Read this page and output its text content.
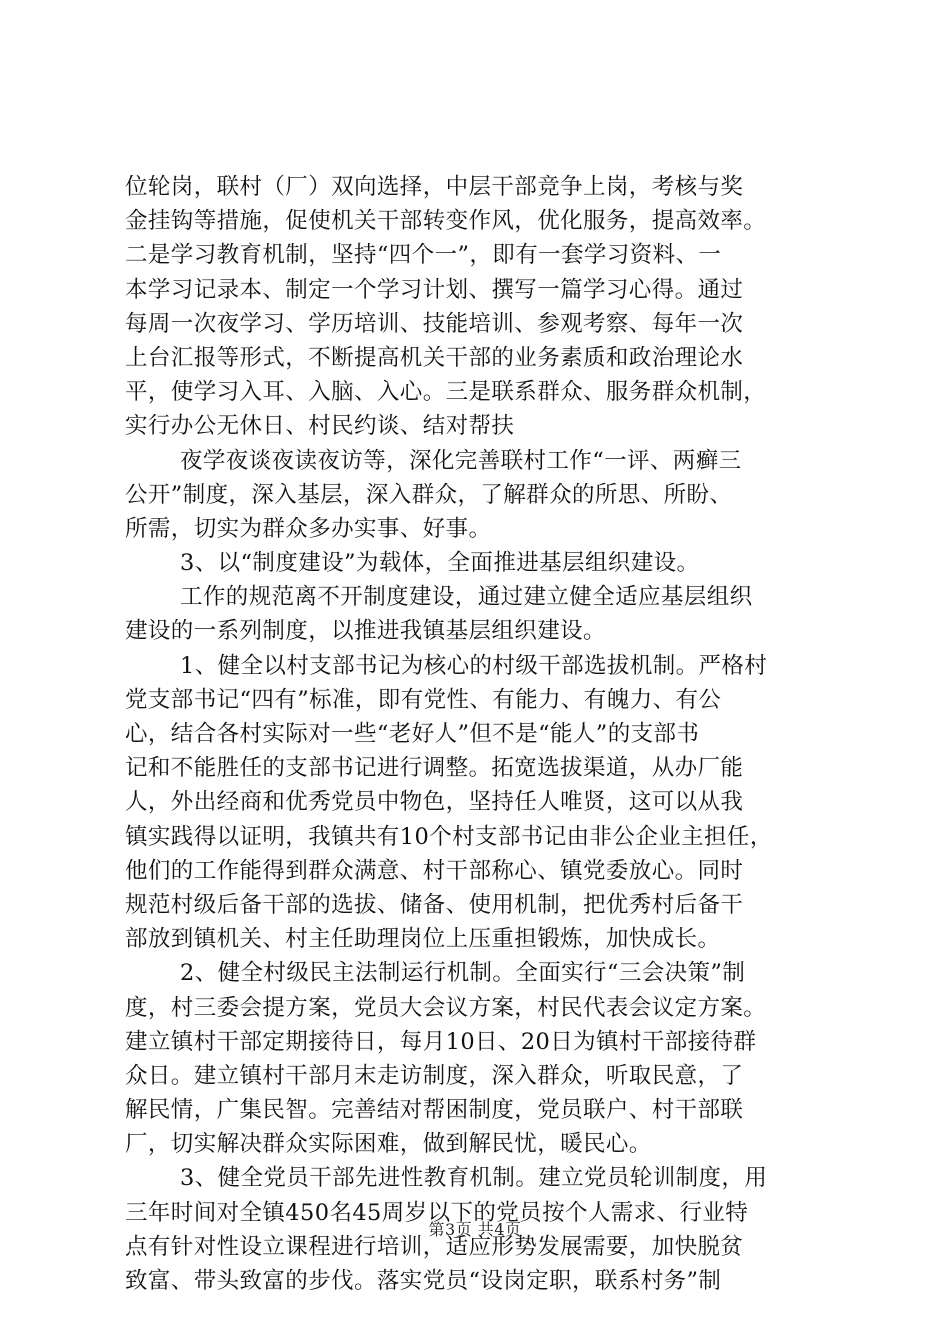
位轮岗，联村（厂）双向选择，中层干部竞争上岗，考核与奖
金挂钩等措施，促使机关干部转变作风，优化服务，提高效率。
二是学习教育机制，坚持“四个一”，即有一套学习资料、一
本学习记录本、制定一个学习计划、撰写一篇学习心得。通过
每周一次夜学习、学历培训、技能培训、参观考察、每年一次
上台汇报等形式，不断提高机关干部的业务素质和政治理论水
平，使学习入耳、入脑、入心。三是联系群众、服务群众机制，
实行办公无休日、村民约谈、结对帮扶
夜学夜谈夜读夜访等，深化完善联村工作“一评、两癣三
公开”制度，深入基层，深入群众，了解群众的所思、所盼、
所需，切实为群众多办实事、好事。
3、以“制度建设”为载体，全面推进基层组织建设。
工作的规范离不开制度建设，通过建立健全适应基层组织
建设的一系列制度，以推进我镇基层组织建设。
1、健全以村支部书记为核心的村级干部选拔机制。严格村
党支部书记“四有”标准，即有党性、有能力、有魄力、有公
心，结合各村实际对一些“老好人”但不是“能人”的支部书
记和不能胜任的支部书记进行调整。拓宽选拔渠道，从办厂能
人，外出经商和优秀党员中物色，坚持任人唯贤，这可以从我
镇实践得以证明，我镇共有10个村支部书记由非公企业主担任，
他们的工作能得到群众满意、村干部称心、镇党委放心。同时
规范村级后备干部的选拔、储备、使用机制，把优秀村后备干
部放到镇机关、村主任助理岗位上压重担锻炼，加快成长。
2、健全村级民主法制运行机制。全面实行“三会决策”制
度，村三委会提方案，党员大会议方案，村民代表会议定方案。
建立镇村干部定期接待日，每月10日、20日为镇村干部接待群
众日。建立镇村干部月末走访制度，深入群众，听取民意，了
解民情，广集民智。完善结对帮困制度，党员联户、村干部联
厂，切实解决群众实际困难，做到解民忧，暖民心。
3、健全党员干部先进性教育机制。建立党员轮训制度，用
三年时间对全镇450名45周岁以下的党员按个人需求、行业特
点有针对性设立课程进行培训，适应形势发展需要，加快脱贫
致富、带头致富的步伐。落实党员“设岗定职，联系村务”制
第3页 共4页
